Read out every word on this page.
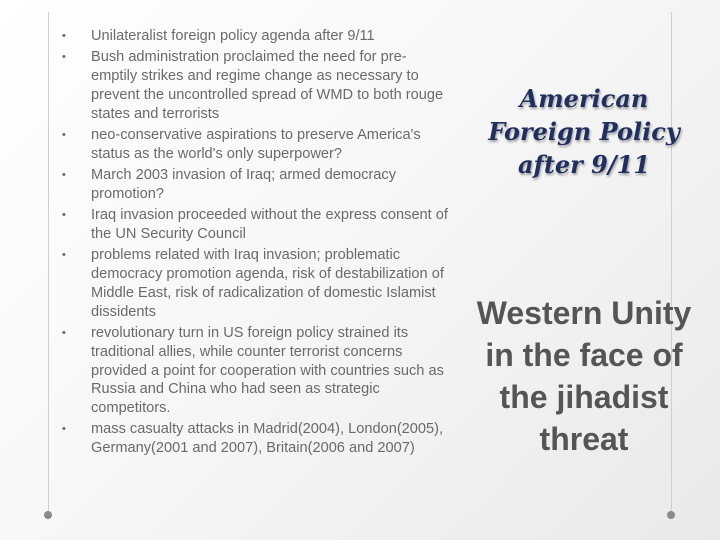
• Unilateralist foreign policy agenda after 9/11
• Bush administration proclaimed the need for pre-emptily strikes and regime change as necessary to prevent the uncontrolled spread of WMD to both rouge states and terrorists
• neo-conservative aspirations to preserve America's status as the world's only superpower?
• March 2003 invasion of Iraq; armed democracy promotion?
• Iraq invasion proceeded without the express consent of the UN Security Council
• problems related with Iraq invasion; problematic democracy promotion agenda, risk of destabilization of Middle East, risk of radicalization of domestic Islamist dissidents
• revolutionary turn in US foreign policy strained its traditional allies, while counter terrorist concerns provided a point for cooperation with countries such as Russia and China who had seen as strategic competitors.
• mass casualty attacks in Madrid(2004), London(2005), Germany(2001 and 2007), Britain(2006 and 2007)
American Foreign Policy after 9/11
Western Unity in the face of the jihadist threat
